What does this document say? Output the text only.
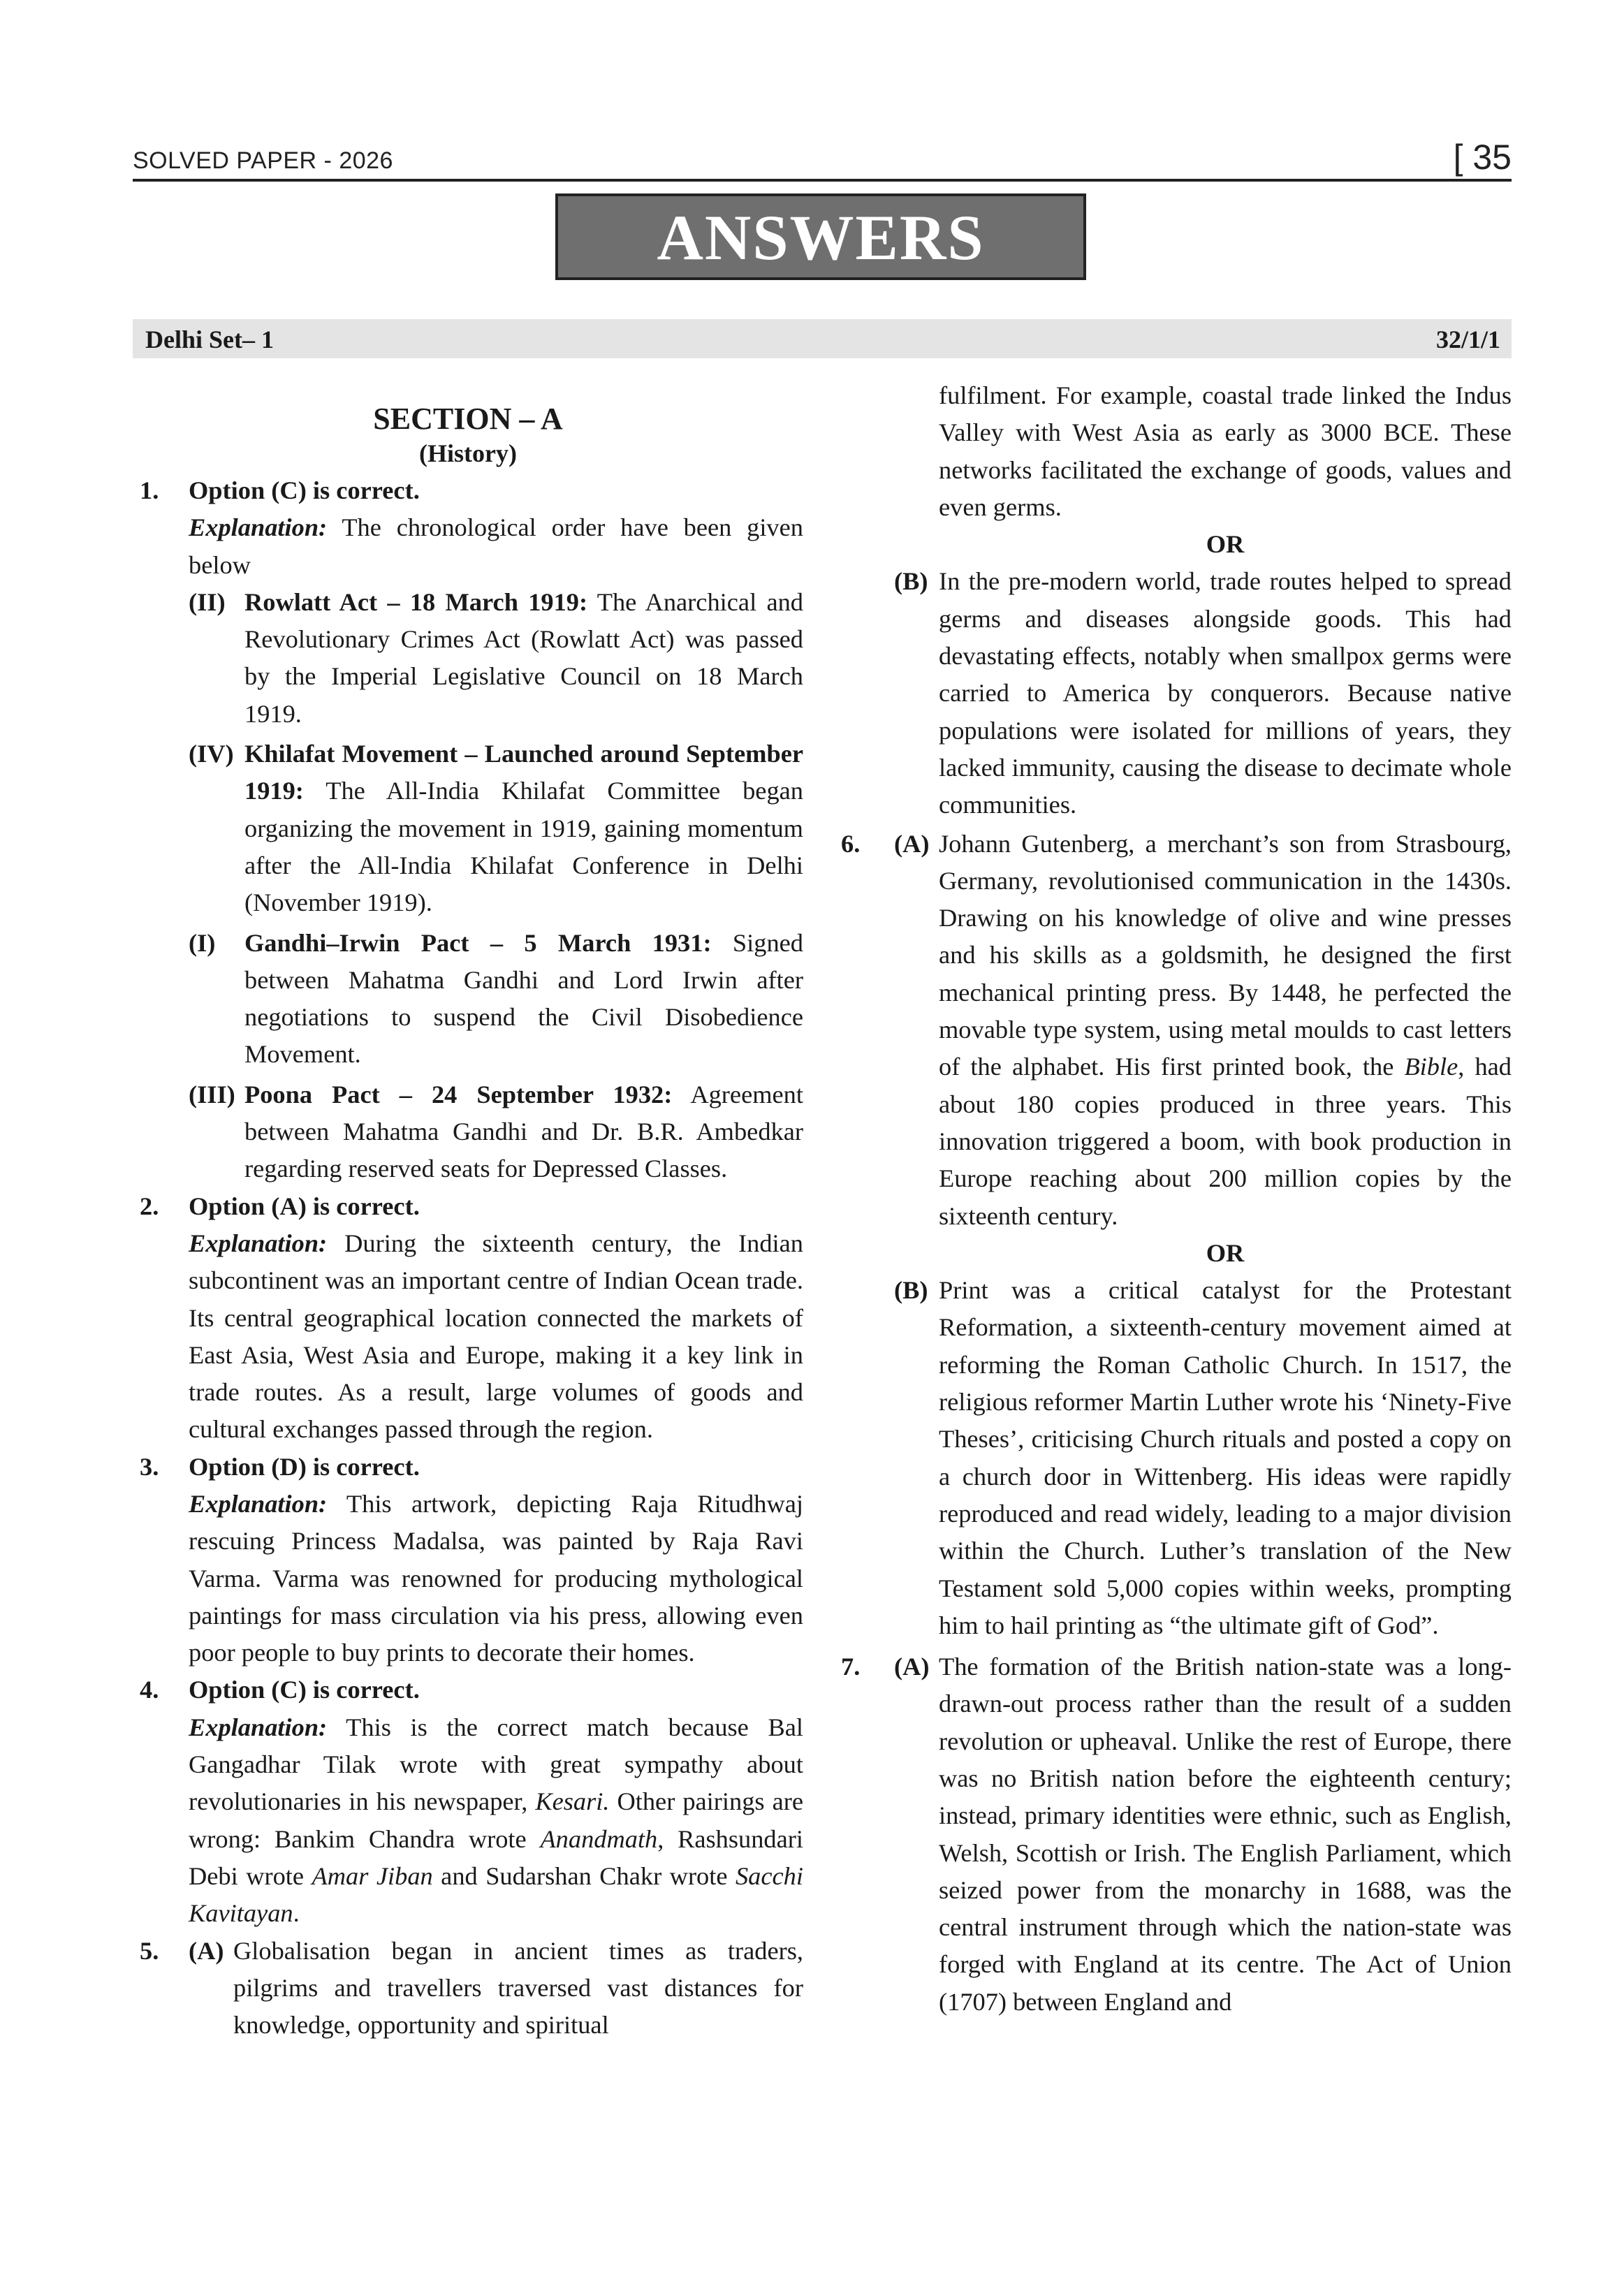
SOLVED PAPER - 2026	[ 35
ANSWERS
Delhi Set– 1	32/1/1
SECTION – A
(History)
1. Option (C) is correct.
Explanation: The chronological order have been given below
(II) Rowlatt Act – 18 March 1919: The Anarchical and Revolutionary Crimes Act (Rowlatt Act) was passed by the Imperial Legislative Council on 18 March 1919.
(IV) Khilafat Movement – Launched around September 1919: The All-India Khilafat Committee began organizing the movement in 1919, gaining momentum after the All-India Khilafat Conference in Delhi (November 1919).
(I) Gandhi–Irwin Pact – 5 March 1931: Signed between Mahatma Gandhi and Lord Irwin after negotiations to suspend the Civil Disobedience Movement.
(III) Poona Pact – 24 September 1932: Agreement between Mahatma Gandhi and Dr. B.R. Ambedkar regarding reserved seats for Depressed Classes.
2. Option (A) is correct.
Explanation: During the sixteenth century, the Indian subcontinent was an important centre of Indian Ocean trade. Its central geographical location connected the markets of East Asia, West Asia and Europe, making it a key link in trade routes. As a result, large volumes of goods and cultural exchanges passed through the region.
3. Option (D) is correct.
Explanation: This artwork, depicting Raja Ritudhwaj rescuing Princess Madalsa, was painted by Raja Ravi Varma. Varma was renowned for producing mythological paintings for mass circulation via his press, allowing even poor people to buy prints to decorate their homes.
4. Option (C) is correct.
Explanation: This is the correct match because Bal Gangadhar Tilak wrote with great sympathy about revolutionaries in his newspaper, Kesari. Other pairings are wrong: Bankim Chandra wrote Anandmath, Rashsundari Debi wrote Amar Jiban and Sudarshan Chakr wrote Sacchi Kavitayan.
5. (A) Globalisation began in ancient times as traders, pilgrims and travellers traversed vast distances for knowledge, opportunity and spiritual
fulfilment. For example, coastal trade linked the Indus Valley with West Asia as early as 3000 BCE. These networks facilitated the exchange of goods, values and even germs.
OR
(B) In the pre-modern world, trade routes helped to spread germs and diseases alongside goods. This had devastating effects, notably when smallpox germs were carried to America by conquerors. Because native populations were isolated for millions of years, they lacked immunity, causing the disease to decimate whole communities.
6. (A) Johann Gutenberg, a merchant’s son from Strasbourg, Germany, revolutionised communication in the 1430s. Drawing on his knowledge of olive and wine presses and his skills as a goldsmith, he designed the first mechanical printing press. By 1448, he perfected the movable type system, using metal moulds to cast letters of the alphabet. His first printed book, the Bible, had about 180 copies produced in three years. This innovation triggered a boom, with book production in Europe reaching about 200 million copies by the sixteenth century.
OR
(B) Print was a critical catalyst for the Protestant Reformation, a sixteenth-century movement aimed at reforming the Roman Catholic Church. In 1517, the religious reformer Martin Luther wrote his ‘Ninety-Five Theses’, criticising Church rituals and posted a copy on a church door in Wittenberg. His ideas were rapidly reproduced and read widely, leading to a major division within the Church. Luther’s translation of the New Testament sold 5,000 copies within weeks, prompting him to hail printing as “the ultimate gift of God”.
7. (A) The formation of the British nation-state was a long-drawn-out process rather than the result of a sudden revolution or upheaval. Unlike the rest of Europe, there was no British nation before the eighteenth century; instead, primary identities were ethnic, such as English, Welsh, Scottish or Irish. The English Parliament, which seized power from the monarchy in 1688, was the central instrument through which the nation-state was forged with England at its centre. The Act of Union (1707) between England and
